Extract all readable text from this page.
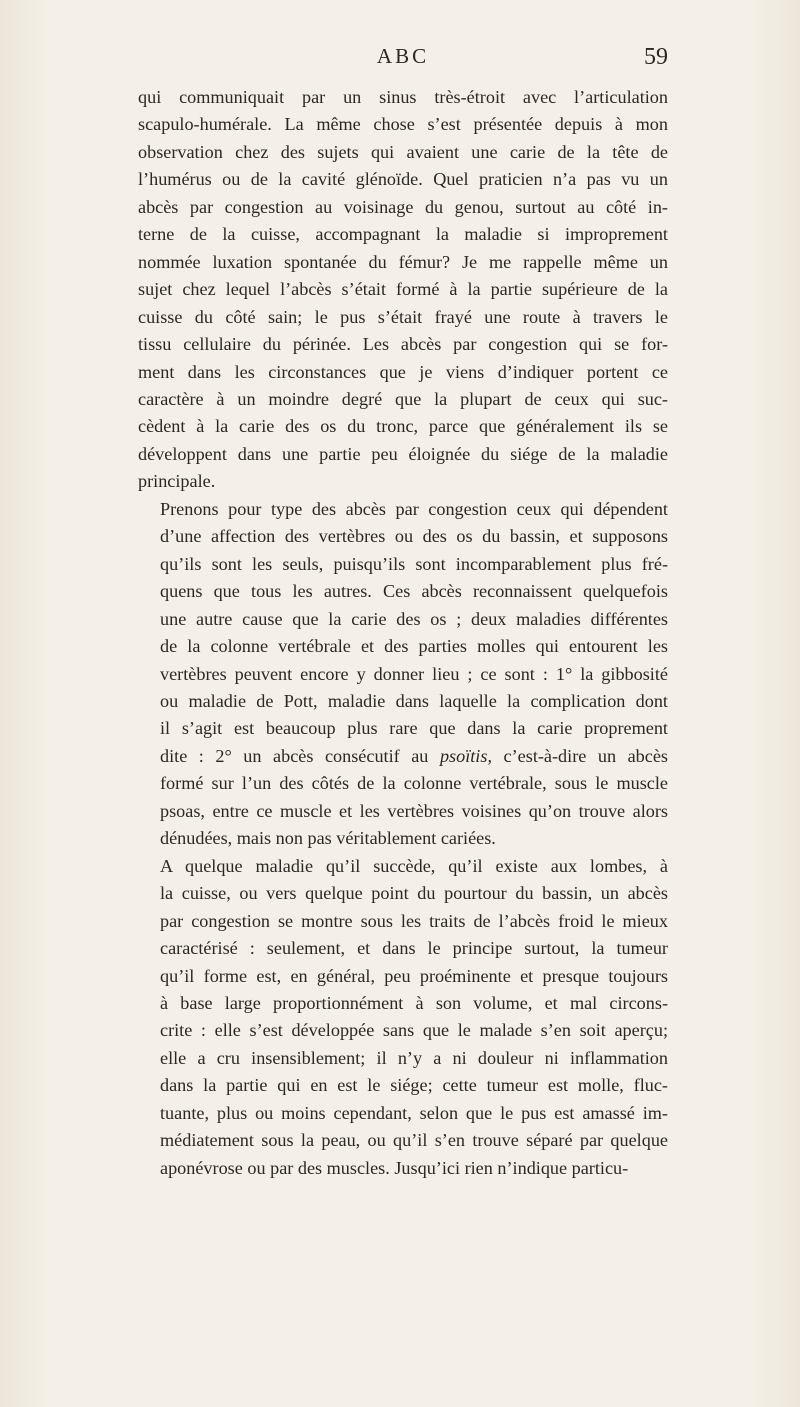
ABC	59

qui communiquait par un sinus très-étroit avec l’articulation
scapulo-humérale. La même chose s’est présentée depuis à mon
observation chez des sujets qui avaient une carie de la tête de
l’humérus ou de la cavité glénoïde. Quel praticien n’a pas vu un
abcès par congestion au voisinage du genou, surtout au côté in-
terne de la cuisse, accompagnant la maladie si improprement
nommée luxation spontanée du fémur? Je me rappelle même un
sujet chez lequel l’abcès s’était formé à la partie supérieure de la
cuisse du côté sain; le pus s’était frayé une route à travers le
tissu cellulaire du périnée. Les abcès par congestion qui se for-
ment dans les circonstances que je viens d’indiquer portent ce
caractère à un moindre degré que la plupart de ceux qui suc-
cèdent à la carie des os du tronc, parce que généralement ils se
développent dans une partie peu éloignée du siége de la maladie
principale.

Prenons pour type des abcès par congestion ceux qui dépendent
d’une affection des vertèbres ou des os du bassin, et supposons
qu’ils sont les seuls, puisqu’ils sont incomparablement plus fré-
quens que tous les autres. Ces abcès reconnaissent quelquefois
une autre cause que la carie des os ; deux maladies différentes
de la colonne vertébrale et des parties molles qui entourent les
vertèbres peuvent encore y donner lieu ; ce sont : 1° la gibbosité
ou maladie de Pott, maladie dans laquelle la complication dont
il s’agit est beaucoup plus rare que dans la carie proprement
dite : 2° un abcès consécutif au psoïtis, c’est-à-dire un abcès
formé sur l’un des côtés de la colonne vertébrale, sous le muscle
psoas, entre ce muscle et les vertèbres voisines qu’on trouve alors
dénudées, mais non pas véritablement cariées.

A quelque maladie qu’il succède, qu’il existe aux lombes, à
la cuisse, ou vers quelque point du pourtour du bassin, un abcès
par congestion se montre sous les traits de l’abcès froid le mieux
caractérisé : seulement, et dans le principe surtout, la tumeur
qu’il forme est, en général, peu proéminente et presque toujours
à base large proportionnément à son volume, et mal circons-
crite : elle s’est développée sans que le malade s’en soit aperçu;
elle a cru insensiblement; il n’y a ni douleur ni inflammation
dans la partie qui en est le siége; cette tumeur est molle, fluc-
tuante, plus ou moins cependant, selon que le pus est amassé im-
médiatement sous la peau, ou qu’il s’en trouve séparé par quelque
aponévrose ou par des muscles. Jusqu’ici rien n’indique particu-
